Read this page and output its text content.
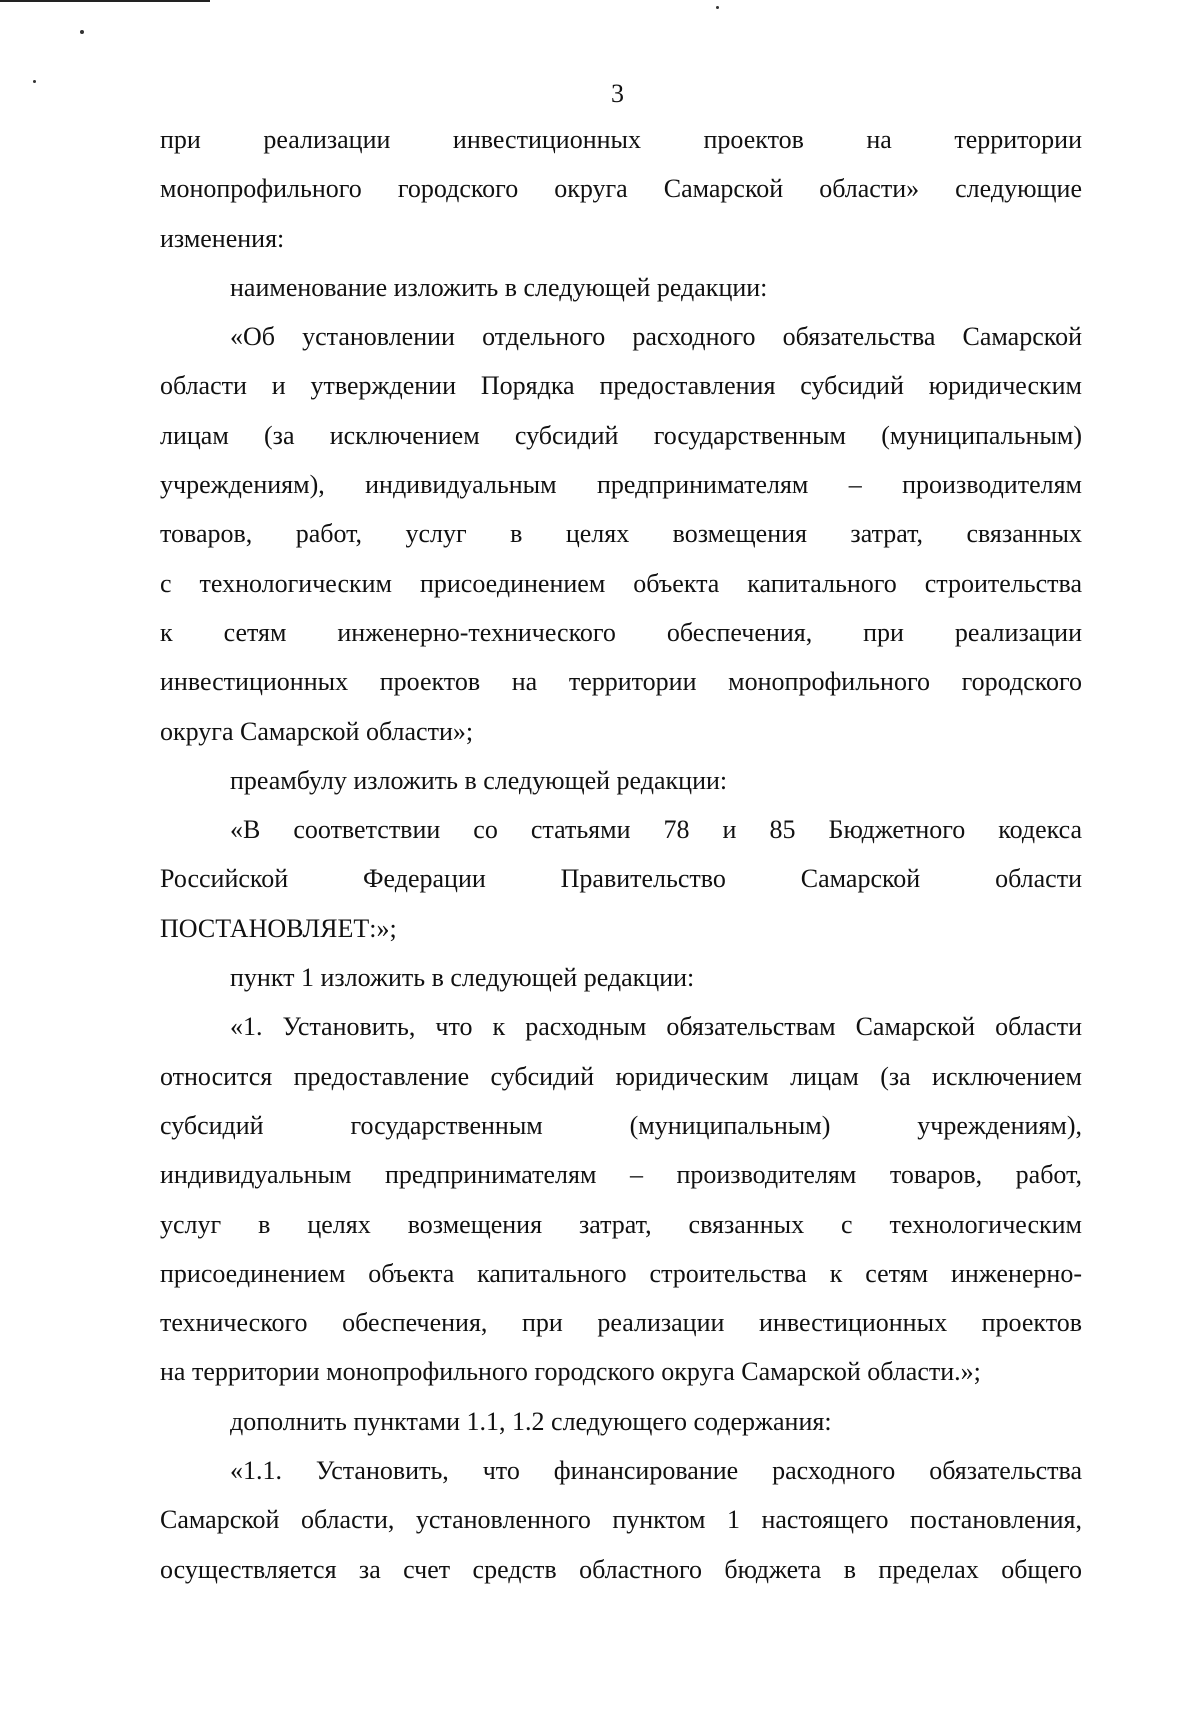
3
при реализации инвестиционных проектов на территории
монопрофильного городского округа Самарской области» следующие
изменения:
наименование изложить в следующей редакции:
«Об установлении отдельного расходного обязательства Самарской
области и утверждении Порядка предоставления субсидий юридическим
лицам (за исключением субсидий государственным (муниципальным)
учреждениям), индивидуальным предпринимателям – производителям
товаров, работ, услуг в целях возмещения затрат, связанных
с технологическим присоединением объекта капитального строительства
к сетям инженерно-технического обеспечения, при реализации
инвестиционных проектов на территории монопрофильного городского
округа Самарской области»;
преамбулу изложить в следующей редакции:
«В соответствии со статьями 78 и 85 Бюджетного кодекса
Российской Федерации Правительство Самарской области
ПОСТАНОВЛЯЕТ:»;
пункт 1 изложить в следующей редакции:
«1. Установить, что к расходным обязательствам Самарской области
относится предоставление субсидий юридическим лицам (за исключением
субсидий государственным (муниципальным) учреждениям),
индивидуальным предпринимателям – производителям товаров, работ,
услуг в целях возмещения затрат, связанных с технологическим
присоединением объекта капитального строительства к сетям инженерно-
технического обеспечения, при реализации инвестиционных проектов
на территории монопрофильного городского округа Самарской области.»;
дополнить пунктами 1.1, 1.2 следующего содержания:
«1.1. Установить, что финансирование расходного обязательства
Самарской области, установленного пунктом 1 настоящего постановления,
осуществляется за счет средств областного бюджета в пределах общего
